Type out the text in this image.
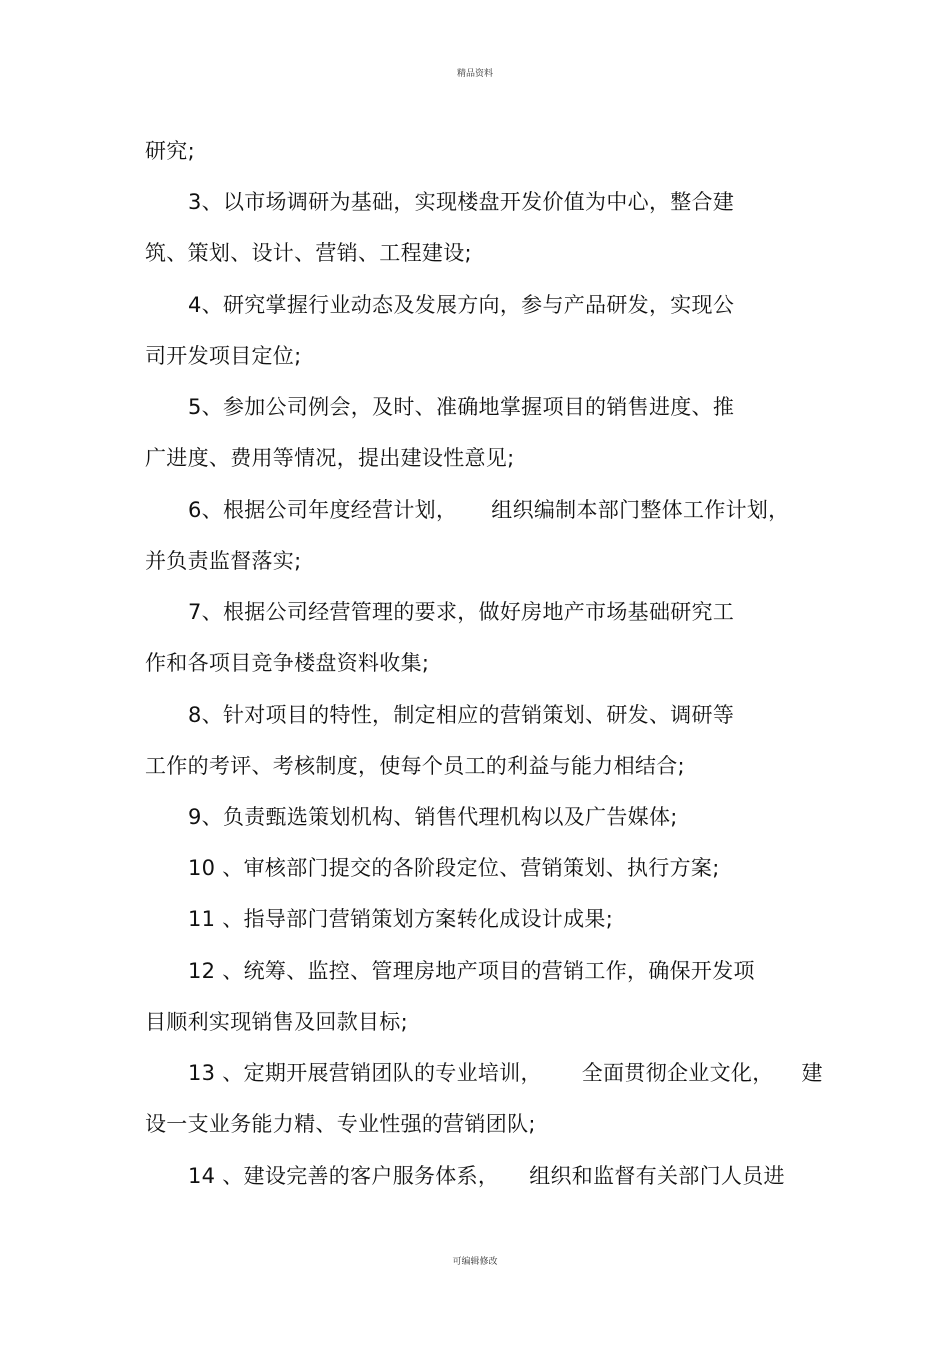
精品资料
研究;
3、以市场调研为基础，实现楼盘开发价值为中心，整合建
筑、策划、设计、营销、工程建设;
4、研究掌握行业动态及发展方向，参与产品研发，实现公
司开发项目定位;
5、参加公司例会，及时、准确地掌握项目的销售进度、推
广进度、费用等情况，提出建设性意见;
6、根据公司年度经营计划， 组织编制本部门整体工作计划，
并负责监督落实;
7、根据公司经营管理的要求，做好房地产市场基础研究工
作和各项目竞争楼盘资料收集;
8、针对项目的特性，制定相应的营销策划、研发、调研等
工作的考评、考核制度，使每个员工的利益与能力相结合;
9、负责甄选策划机构、销售代理机构以及广告媒体;
10 、审核部门提交的各阶段定位、营销策划、执行方案;
11 、指导部门营销策划方案转化成设计成果;
12 、统筹、监控、管理房地产项目的营销工作，确保开发项
目顺利实现销售及回款目标;
13 、定期开展营销团队的专业培训， 全面贯彻企业文化， 建
设一支业务能力精、专业性强的营销团队;
14 、建设完善的客户服务体系， 组织和监督有关部门人员进
可编辑修改
